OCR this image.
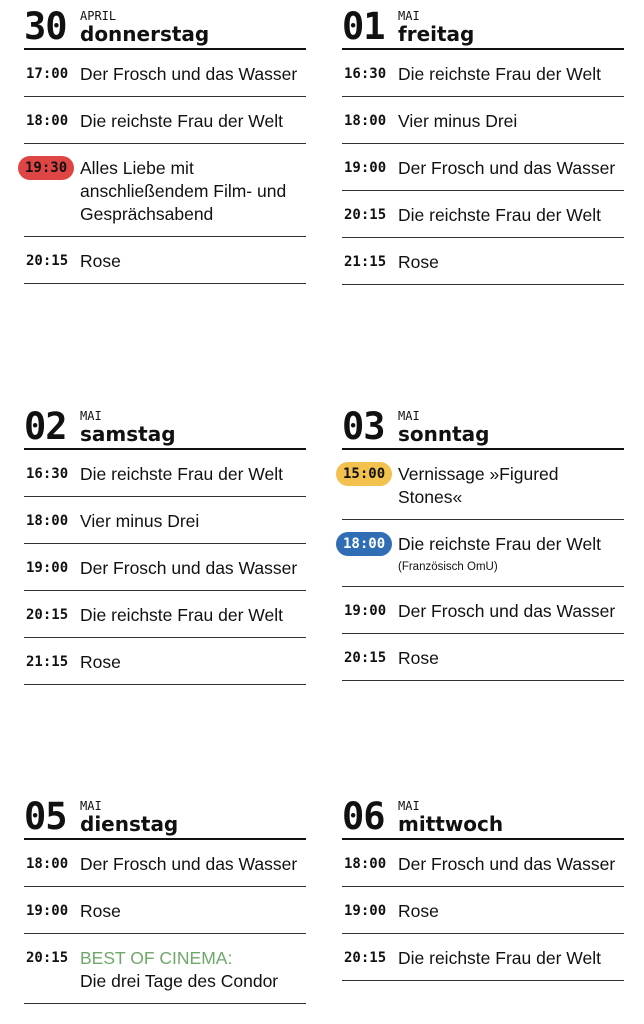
30 APRIL
donnerstag
17:00 Der Frosch und das Wasser
18:00 Die reichste Frau der Welt
19:30 Alles Liebe mit anschließendem Film- und Gesprächsabend
20:15 Rose
01 MAI
freitag
16:30 Die reichste Frau der Welt
18:00 Vier minus Drei
19:00 Der Frosch und das Wasser
20:15 Die reichste Frau der Welt
21:15 Rose
02 MAI
samstag
16:30 Die reichste Frau der Welt
18:00 Vier minus Drei
19:00 Der Frosch und das Wasser
20:15 Die reichste Frau der Welt
21:15 Rose
03 MAI
sonntag
15:00 Vernissage »Figured Stones«
18:00 Die reichste Frau der Welt
(Französisch OmU)
19:00 Der Frosch und das Wasser
20:15 Rose
05 MAI
dienstag
18:00 Der Frosch und das Wasser
19:00 Rose
20:15 BEST OF CINEMA:
Die drei Tage des Condor
06 MAI
mittwoch
18:00 Der Frosch und das Wasser
19:00 Rose
20:15 Die reichste Frau der Welt
